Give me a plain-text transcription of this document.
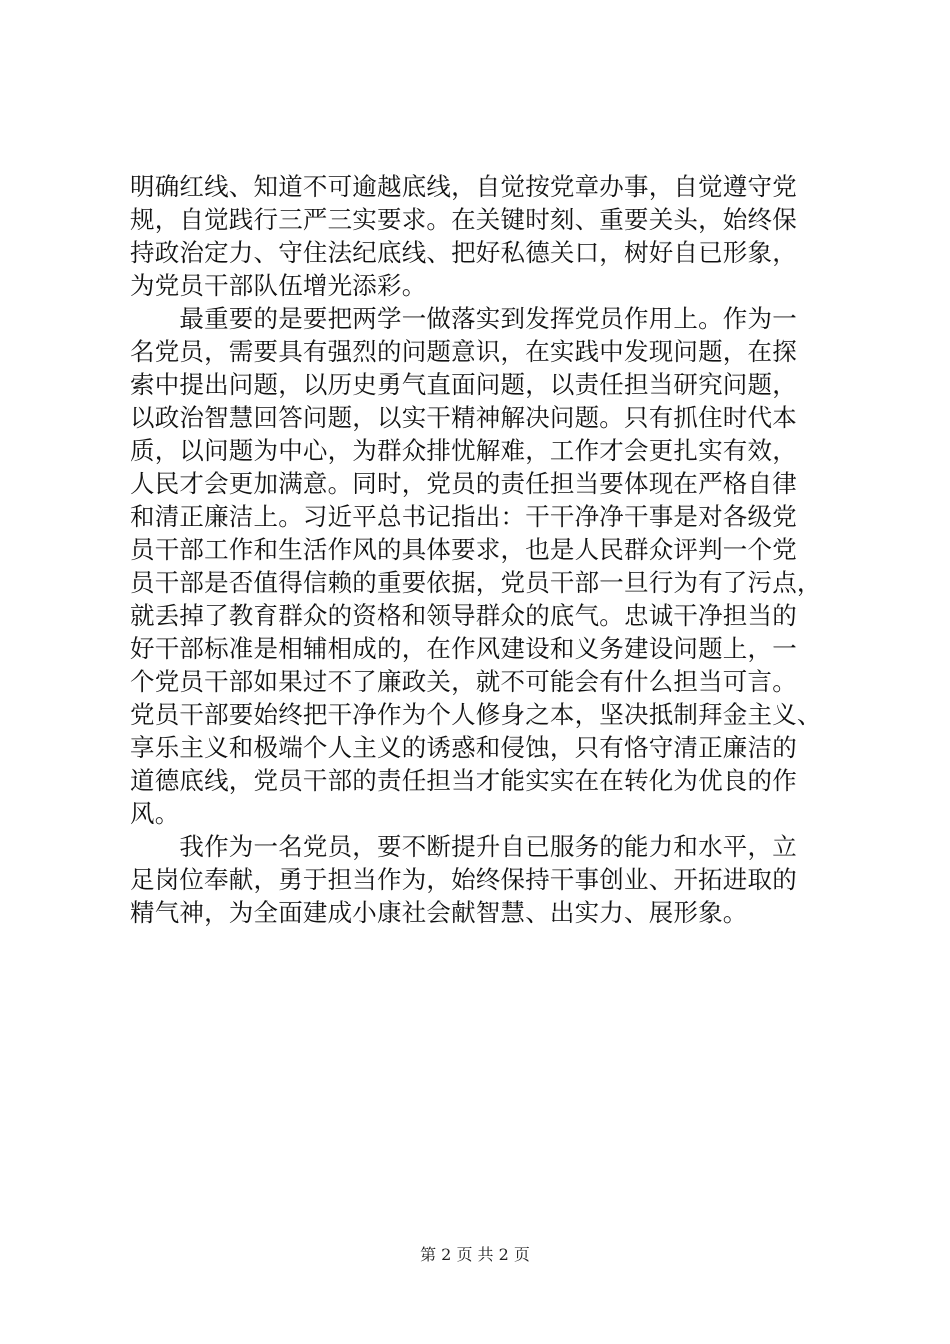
明确红线、知道不可逾越底线，自觉按党章办事，自觉遵守党
规，自觉践行三严三实要求。在关键时刻、重要关头，始终保
持政治定力、守住法纪底线、把好私德关口，树好自已形象，
为党员干部队伍增光添彩。
　　最重要的是要把两学一做落实到发挥党员作用上。作为一
名党员，需要具有强烈的问题意识，在实践中发现问题，在探
索中提出问题，以历史勇气直面问题，以责任担当研究问题，
以政治智慧回答问题，以实干精神解决问题。只有抓住时代本
质，以问题为中心，为群众排忧解难，工作才会更扎实有效，
人民才会更加满意。同时，党员的责任担当要体现在严格自律
和清正廉洁上。习近平总书记指出：干干净净干事是对各级党
员干部工作和生活作风的具体要求，也是人民群众评判一个党
员干部是否值得信赖的重要依据，党员干部一旦行为有了污点，
就丢掉了教育群众的资格和领导群众的底气。忠诚干净担当的
好干部标准是相辅相成的，在作风建设和义务建设问题上，一
个党员干部如果过不了廉政关，就不可能会有什么担当可言。
党员干部要始终把干净作为个人修身之本，坚决抵制拜金主义、
享乐主义和极端个人主义的诱惑和侵蚀，只有恪守清正廉洁的
道德底线，党员干部的责任担当才能实实在在转化为优良的作
风。
　　我作为一名党员，要不断提升自已服务的能力和水平，立
足岗位奉献，勇于担当作为，始终保持干事创业、开拓进取的
精气神，为全面建成小康社会献智慧、出实力、展形象。
第 2 页 共 2 页
